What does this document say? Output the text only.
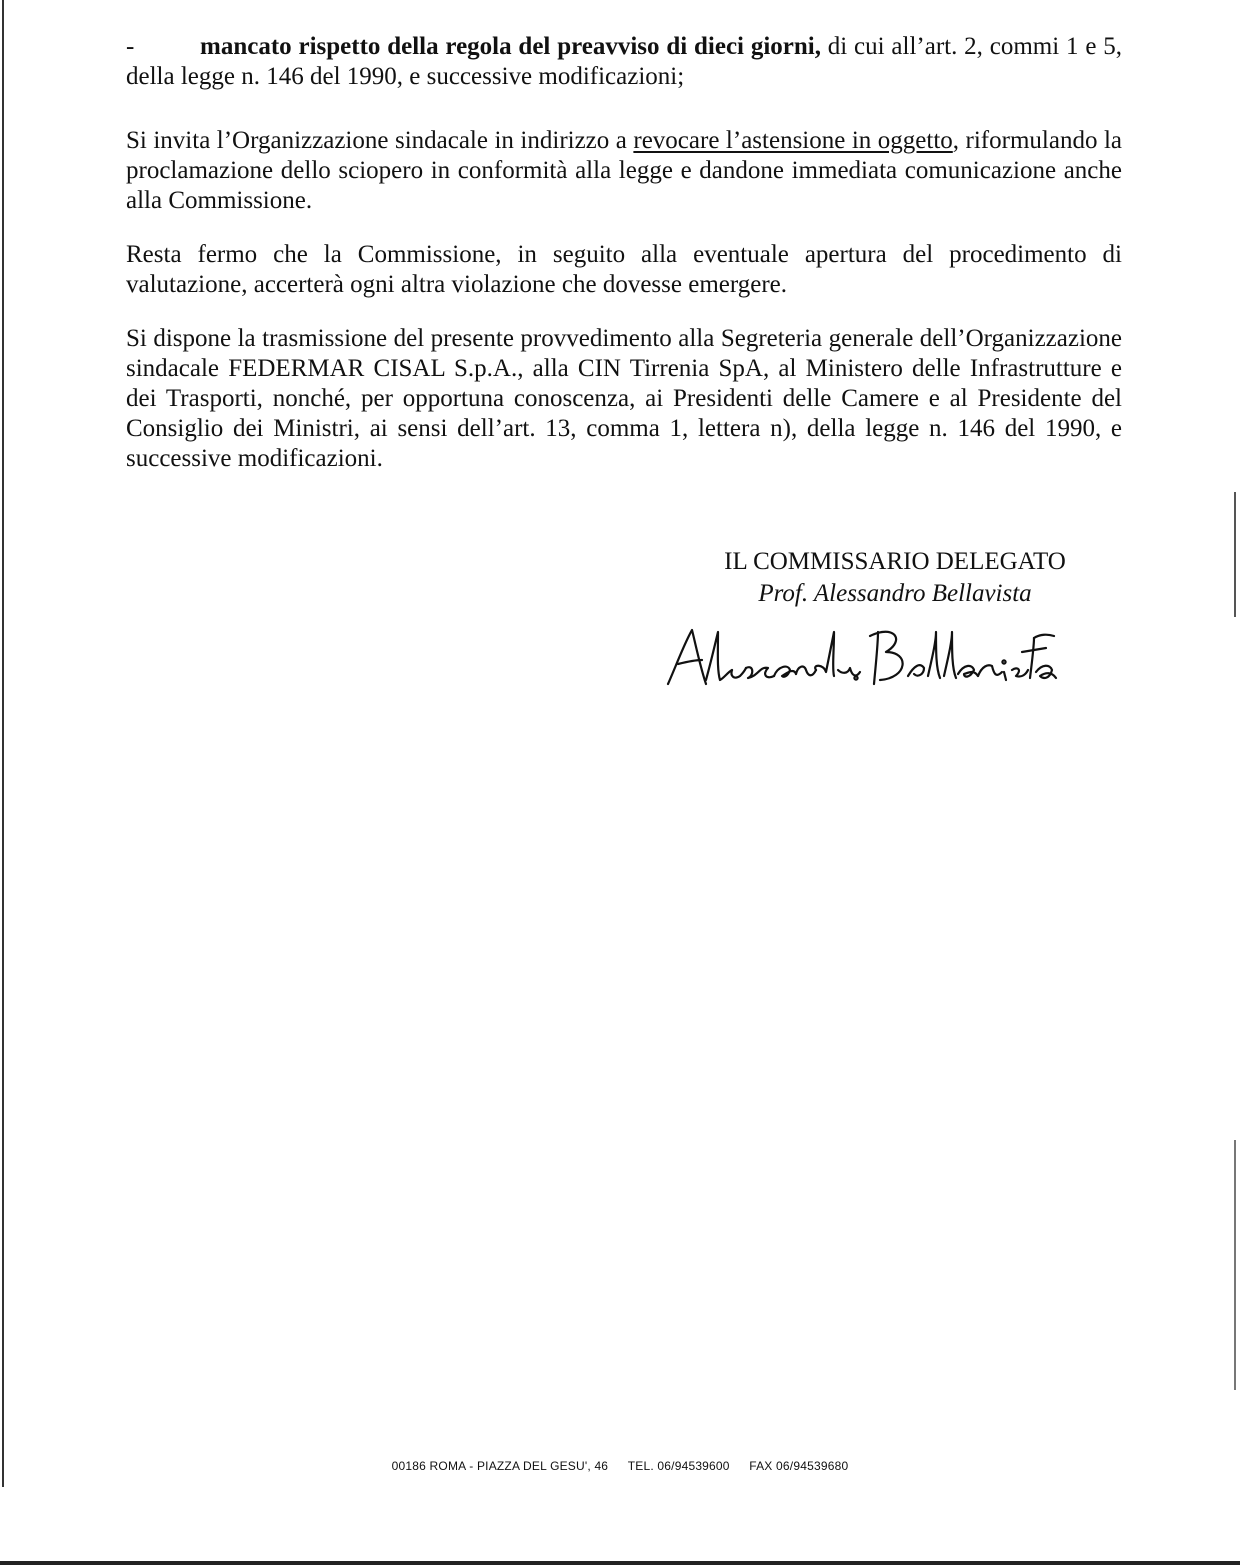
-	mancato rispetto della regola del preavviso di dieci giorni, di cui all’art. 2, commi 1 e 5, della legge n. 146 del 1990, e successive modificazioni;

Si invita l’Organizzazione sindacale in indirizzo a revocare l’astensione in oggetto, riformulando la proclamazione dello sciopero in conformità alla legge e dandone immediata comunicazione anche alla Commissione.

Resta fermo che la Commissione, in seguito alla eventuale apertura del procedimento di valutazione, accerterà ogni altra violazione che dovesse emergere.

Si dispone la trasmissione del presente provvedimento alla Segreteria generale dell’Organizzazione sindacale FEDERMAR CISAL S.p.A., alla CIN Tirrenia SpA, al Ministero delle Infrastrutture e dei Trasporti, nonché, per opportuna conoscenza, ai Presidenti delle Camere e al Presidente del Consiglio dei Ministri, ai sensi dell’art. 13, comma 1, lettera n), della legge n. 146 del 1990, e successive modificazioni.

IL COMMISSARIO DELEGATO
Prof. Alessandro Bellavista
00186 ROMA - PIAZZA DEL GESU', 46 TEL. 06/94539600 FAX 06/94539680
